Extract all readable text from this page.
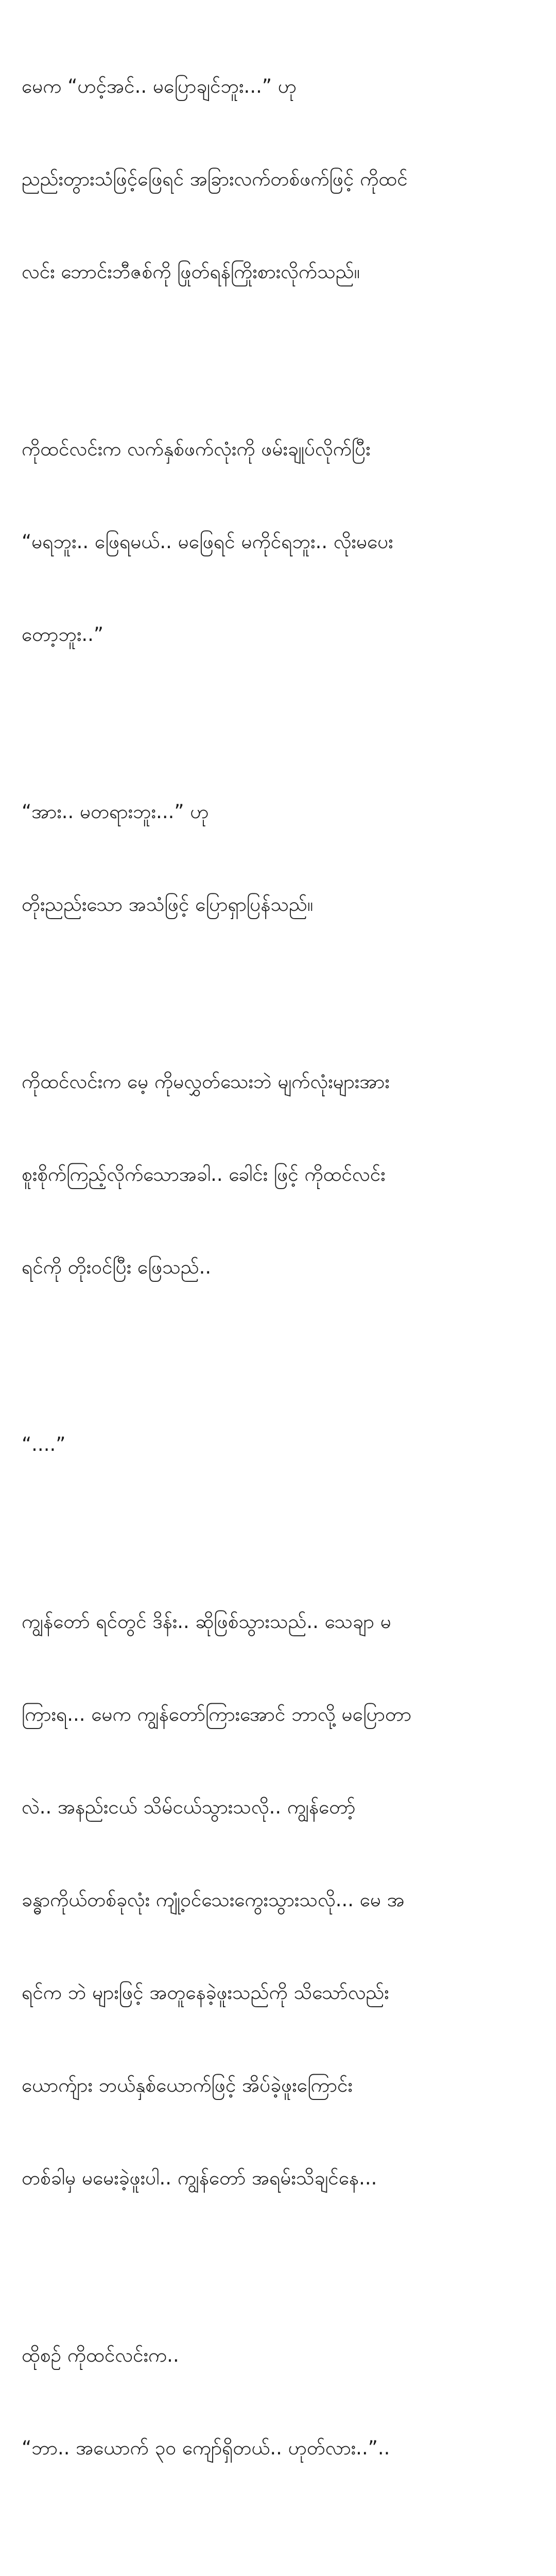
မေက “ဟင့်အင်.. မပြောချင်ဘူး...” ဟု

ညည်းတွားသံဖြင့်ဖြေရင် အခြားလက်တစ်ဖက်ဖြင့် ကိုထင်

လင်း ဘောင်းဘီဇစ်ကို ဖြုတ်ရန်ကြိုးစားလိုက်သည်။

ကိုထင်လင်းက လက်နှစ်ဖက်လုံးကို ဖမ်းချုပ်လိုက်ပြီး

“မရဘူး.. ဖြေရမယ်.. မဖြေရင် မကိုင်ရဘူး.. လိုးမပေး

တော့ဘူး..”

“အား.. မတရားဘူး...” ဟု

တိုးညည်းသော အသံဖြင့် ပြောရှာပြန်သည်။

ကိုထင်လင်းက မေ့ ကိုမလွှတ်သေးဘဲ မျက်လုံးများအား

စူးစိုက်ကြည့်လိုက်သောအခါ.. ခေါင်း ဖြင့် ကိုထင်လင်း

ရင်ကို တိုးဝင်ပြီး ဖြေသည်..

“....”

ကျွန်တော် ရင်တွင် ဒိန်း.. ဆိုဖြစ်သွားသည်.. သေချာ မ

ကြားရ... မေက ကျွန်တော်ကြားအောင် ဘာလို့ မပြောတာ

လဲ.. အနည်းငယ် သိမ်ငယ်သွားသလို.. ကျွန်တော့်

ခန္ဓာကိုယ်တစ်ခုလုံး ကျုံ့ဝင်သေးကွေးသွားသလို... မေ အ

ရင်က ဘဲ များဖြင့် အတူနေခဲ့ဖူးသည်ကို သိသော်လည်း

ယောက်ျား ဘယ်နှစ်ယောက်ဖြင့် အိပ်ခဲ့ဖူးကြောင်း

တစ်ခါမှ မမေးခဲ့ဖူးပါ.. ကျွန်တော် အရမ်းသိချင်နေ...

ထိုစဉ် ကိုထင်လင်းက..

“ဘာ.. အယောက် ၃၀ ကျော်ရှိတယ်.. ဟုတ်လား..”..
